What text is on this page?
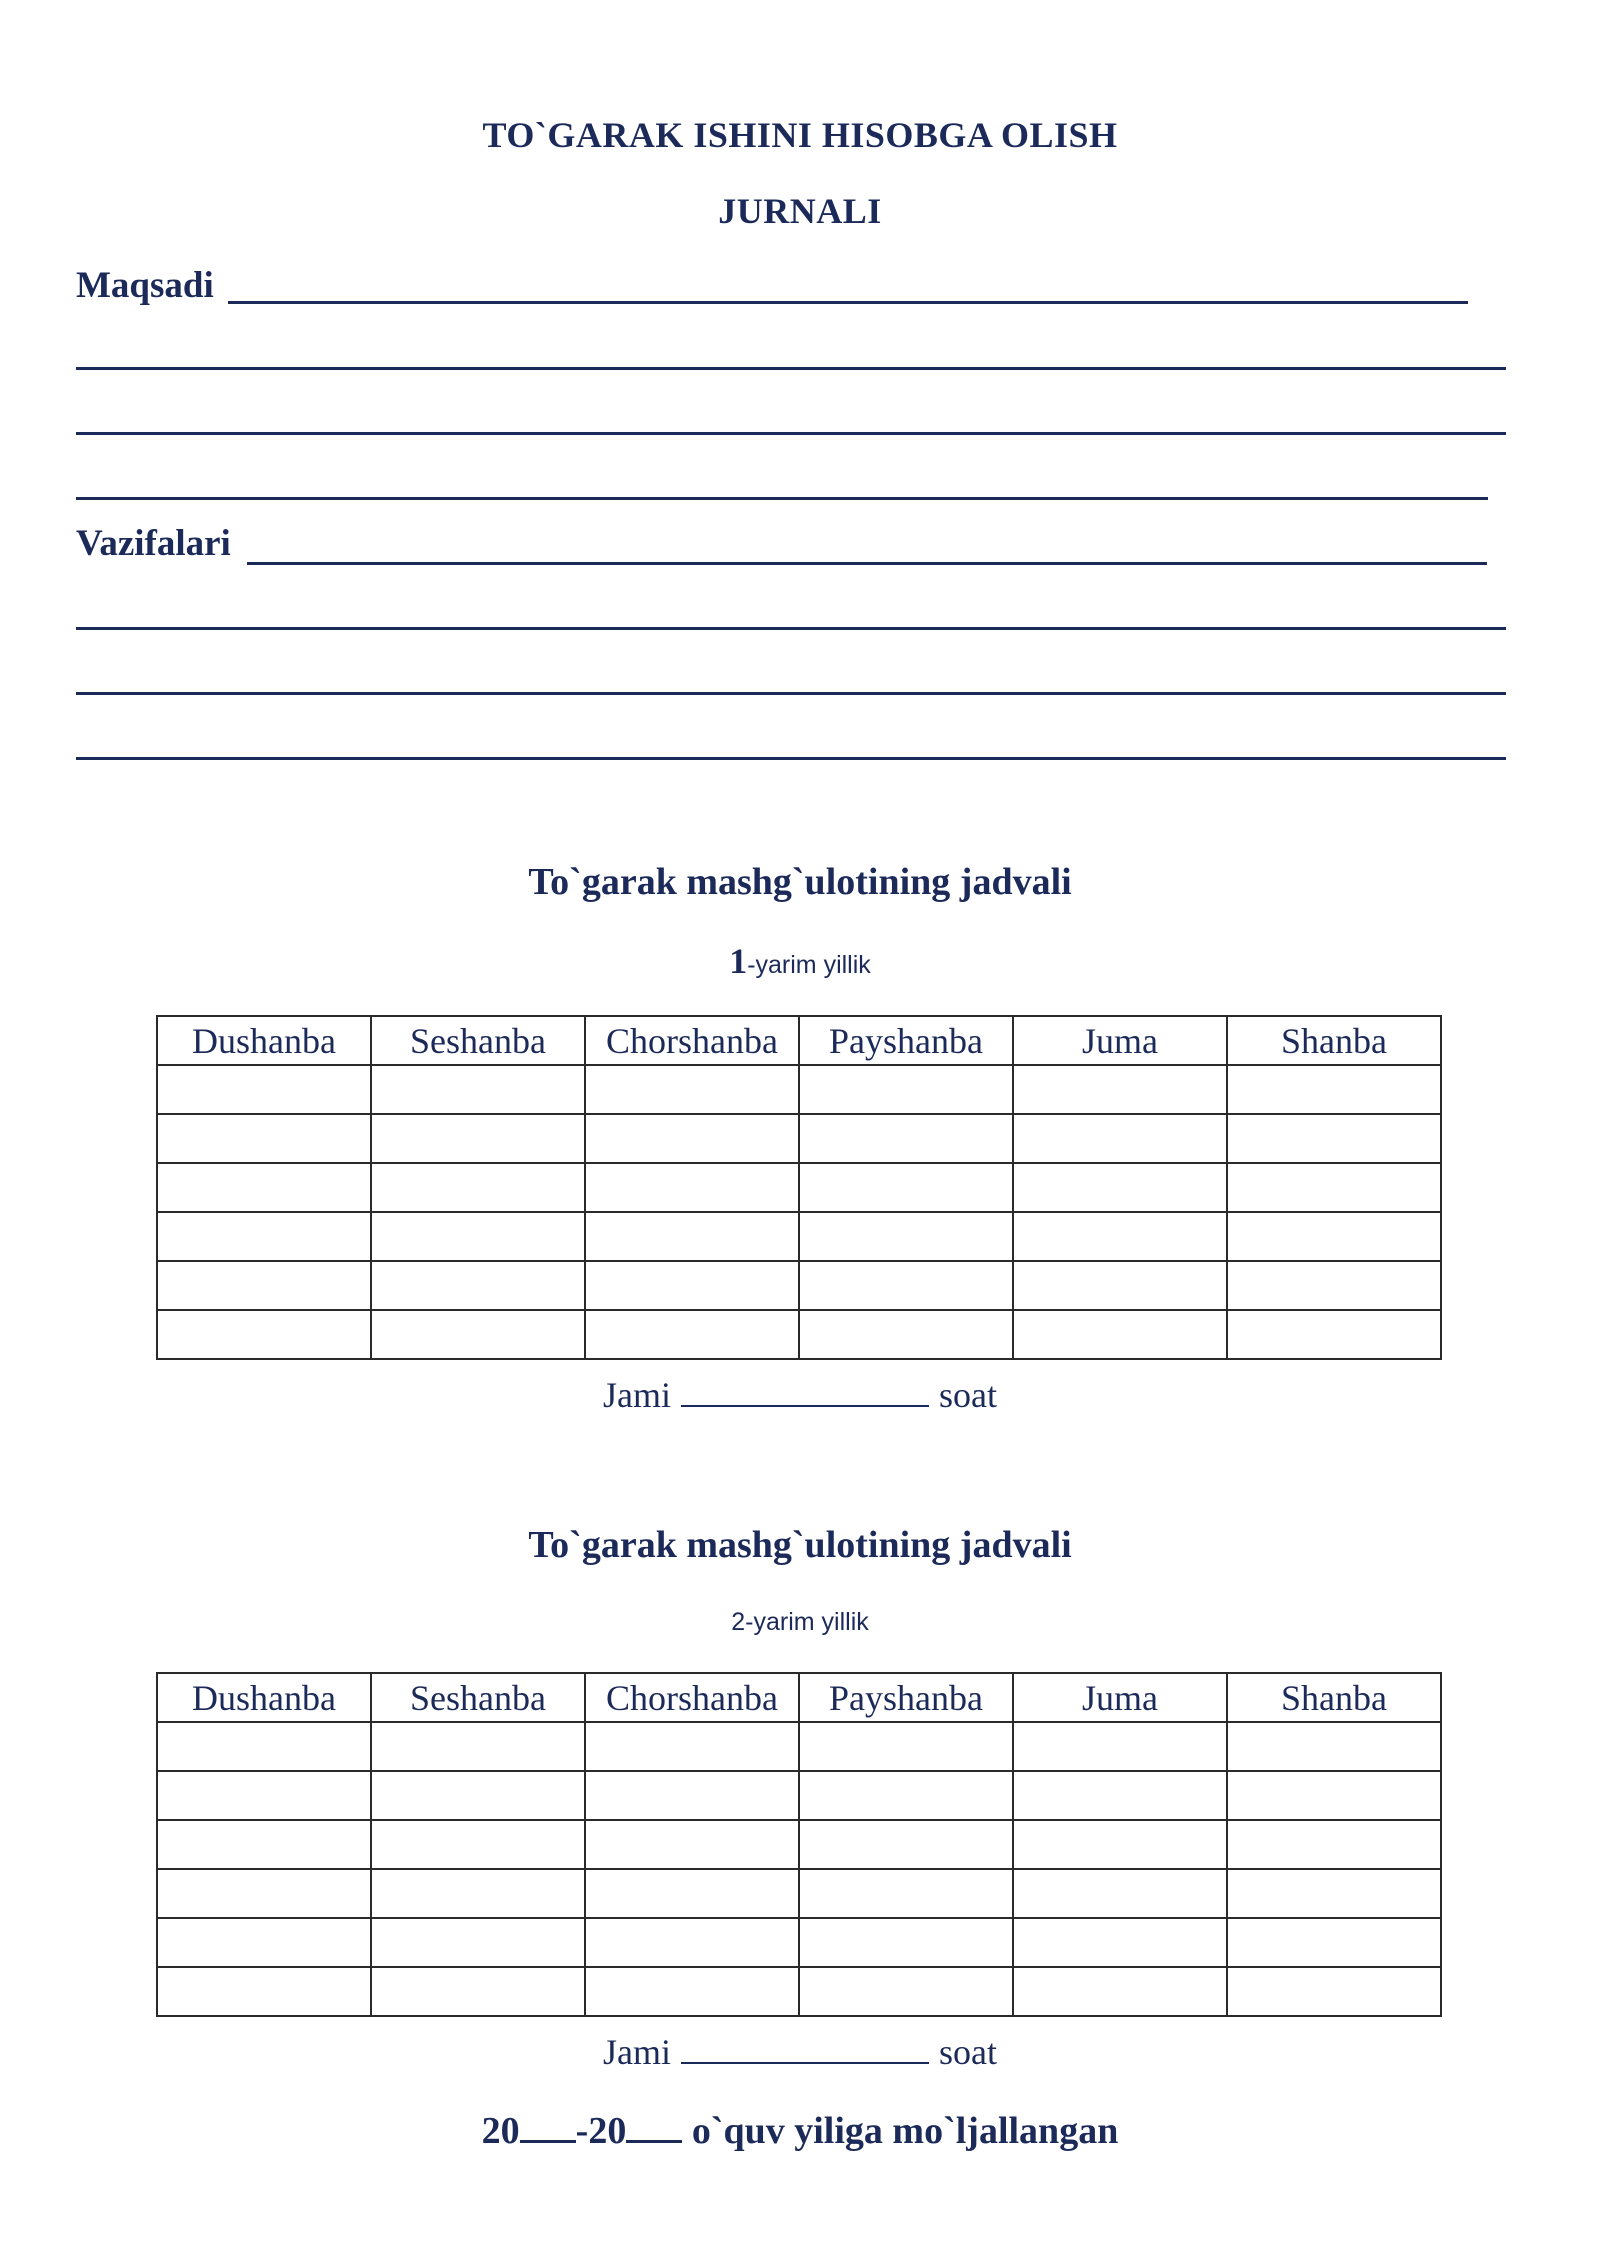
TO`GARAK ISHINI HISOBGA OLISH
JURNALI
Maqsadi
Vazifalari
To`garak mashg`ulotining jadvali
1-yarim yillik
Dushanba	Seshanba	Chorshanba	Payshanba	Juma	Shanba

Jami	soat
To`garak mashg`ulotining jadvali
2-yarim yillik
Dushanba	Seshanba	Chorshanba	Payshanba	Juma	Shanba

Jami	soat
20 -20 o`quv yiliga mo`ljallangan
